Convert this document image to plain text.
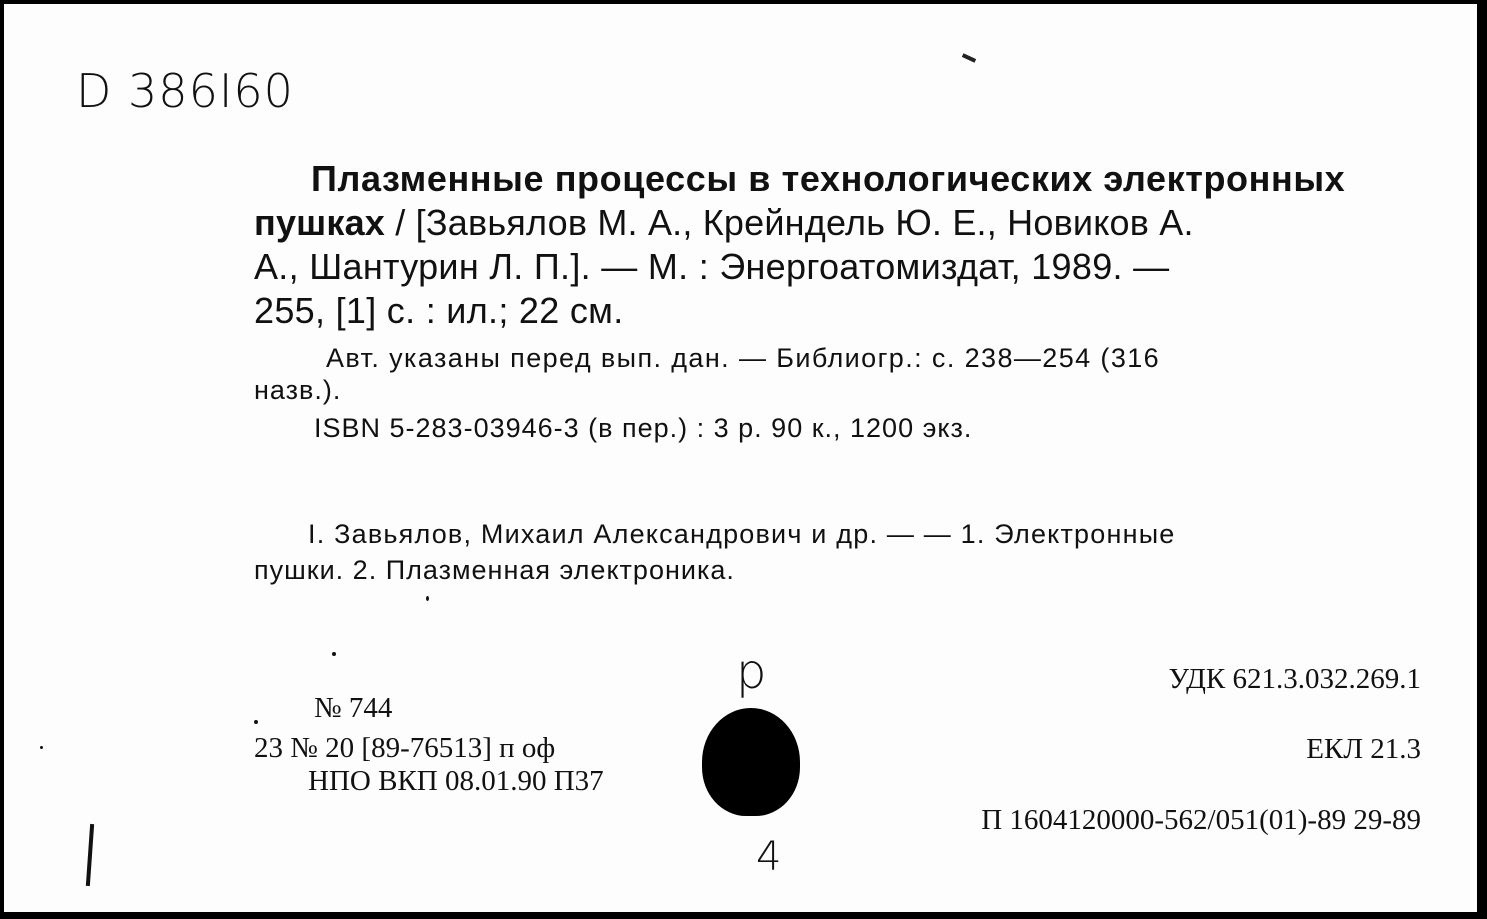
D 386I60
Плазменные процессы в технологических электронных
пушках / [Завьялов М. А., Крейндель Ю. Е., Новиков А.
А., Шантурин Л. П.]. — М. : Энергоатомиздат, 1989. —
255, [1] с. : ил.; 22 см.
Авт. указаны перед вып. дан. — Библиогр.: с. 238—254 (316
назв.).
ISBN 5-283-03946-3 (в пер.) : 3 р. 90 к., 1200 экз.
I. Завьялов, Михаил Александрович и др. — — 1. Электронные
пушки. 2. Плазменная электроника.
р
4
№ 744
23 № 20 [89-76513] п оф
НПО ВКП 08.01.90 П37
УДК 621.3.032.269.1
ЕКЛ 21.3
П 1604120000-562/051(01)-89 29-89
